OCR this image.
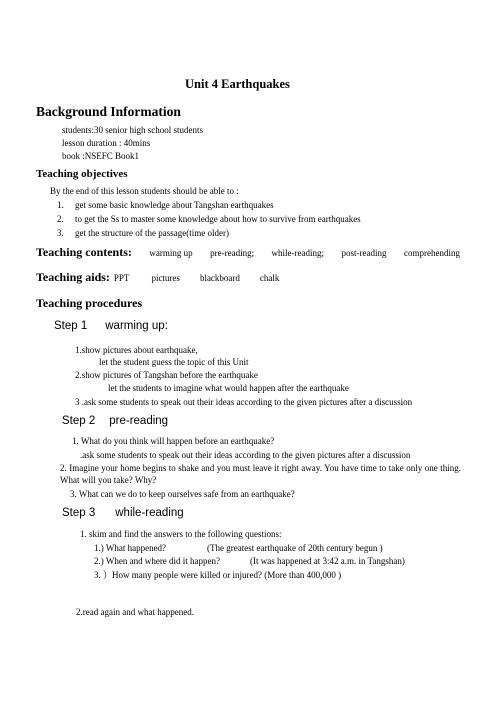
Unit 4 Earthquakes
Background Information
students:30 senior high school students
lesson duration : 40mins
book :NSEFC Book1
Teaching objectives
By the end of this lesson students should be able to :
1. get some basic knowledge about Tangshan earthquakes
2. to get the Ss to master some knowledge about how to survive from earthquakes
3. get the structure of the passage(time older)
Teaching contents: warming up pre-reading; while-reading; post-reading comprehending
Teaching aids: PPT pictures blackboard chalk
Teaching procedures
Step 1 warming up:
1.show pictures about earthquake,
let the student guess the topic of this Unit
2.show pictures of Tangshan before the earthquake
let the students to imagine what would happen after the earthquake
3 .ask some students to speak out their ideas according to the given pictures after a discussion
Step 2 pre-reading
1. What do you think will happen before an earthquake?
.ask some students to speak out their ideas according to the given pictures after a discussion
2. Imagine your home begins to shake and you must leave it right away. You have time to take only one thing. What will you take? Why?
3. What can we do to keep ourselves safe from an earthquake?
Step 3 while-reading
1. skim and find the answers to the following questions:
1.) What happened?	(The greatest earthquake of 20th century begun )
2.) When and where did it happen?	(It was happened at 3:42 a.m. in Tangshan)
3. ）How many people were killed or injured? (More than 400,000 )
2.read again and what happened.
